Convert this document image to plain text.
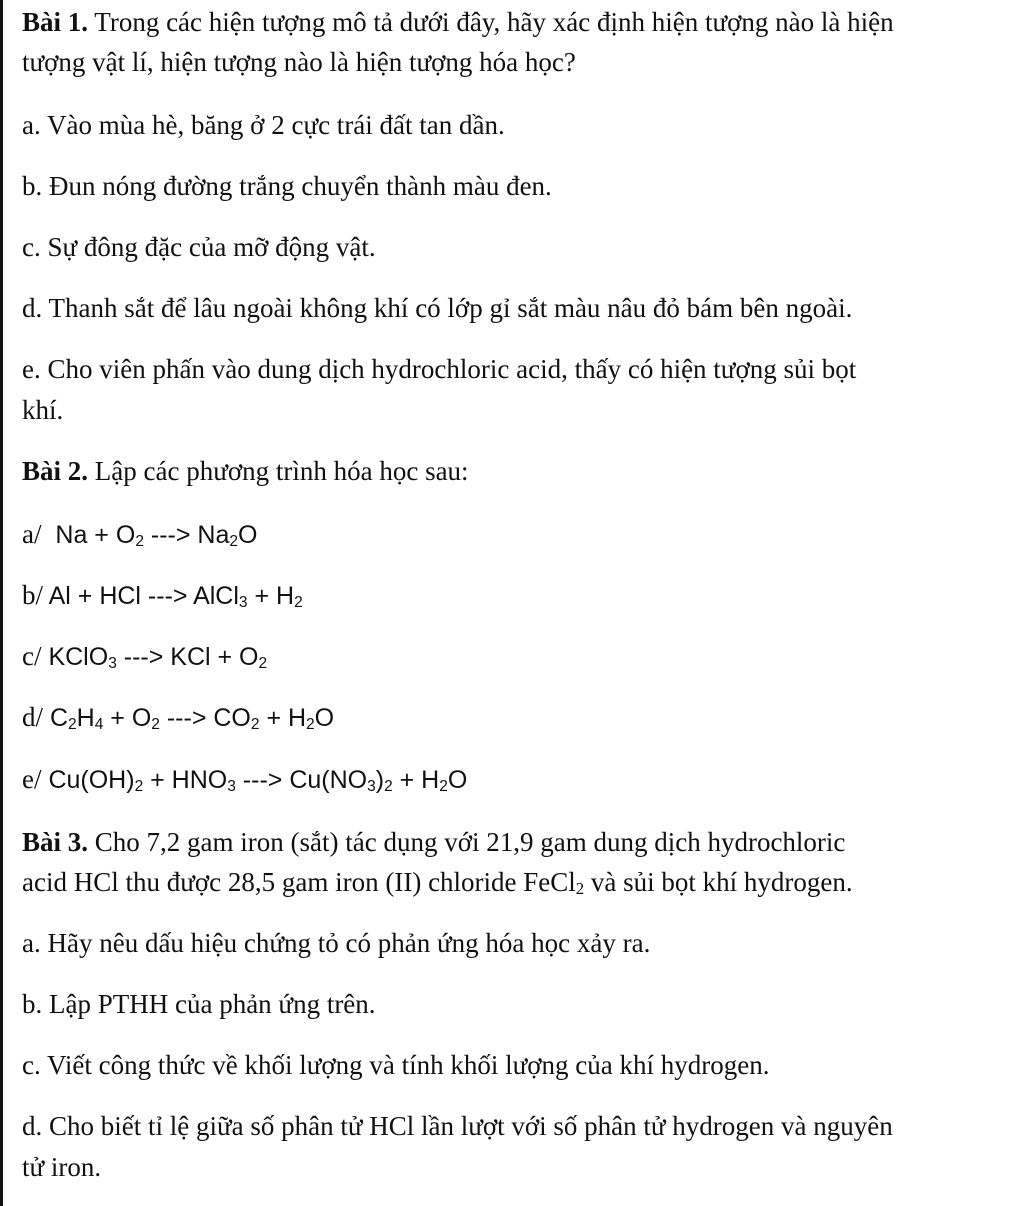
Bài 1. Trong các hiện tượng mô tả dưới đây, hãy xác định hiện tượng nào là hiện
tượng vật lí, hiện tượng nào là hiện tượng hóa học?
a. Vào mùa hè, băng ở 2 cực trái đất tan dần.
b. Đun nóng đường trắng chuyển thành màu đen.
c. Sự đông đặc của mỡ động vật.
d. Thanh sắt để lâu ngoài không khí có lớp gỉ sắt màu nâu đỏ bám bên ngoài.
e. Cho viên phấn vào dung dịch hydrochloric acid, thấy có hiện tượng sủi bọt
khí.
Bài 2. Lập các phương trình hóa học sau:
a/ $Na + O_2$ ---> $Na_2O$
b/ Al + HCl ---> AlCl$_3$ + $H_2$
c/ KClO$_3$ ---> KCl + $O_2$
d/ $C_2H_4 + O_2$ ---> $CO_2 + H_2O$
e/ $Cu(OH)_2 + HNO_3$ ---> $Cu(NO_3)_2 + H_2O$
Bài 3. Cho 7,2 gam iron (sắt) tác dụng với 21,9 gam dung dịch hydrochloric
acid HCl thu được 28,5 gam iron (II) chloride FeCl$_2$ và sủi bọt khí hydrogen.
a. Hãy nêu dấu hiệu chứng tỏ có phản ứng hóa học xảy ra.
b. Lập PTHH của phản ứng trên.
c. Viết công thức về khối lượng và tính khối lượng của khí hydrogen.
d. Cho biết tỉ lệ giữa số phân tử HCl lần lượt với số phân tử hydrogen và nguyên
tử iron.
